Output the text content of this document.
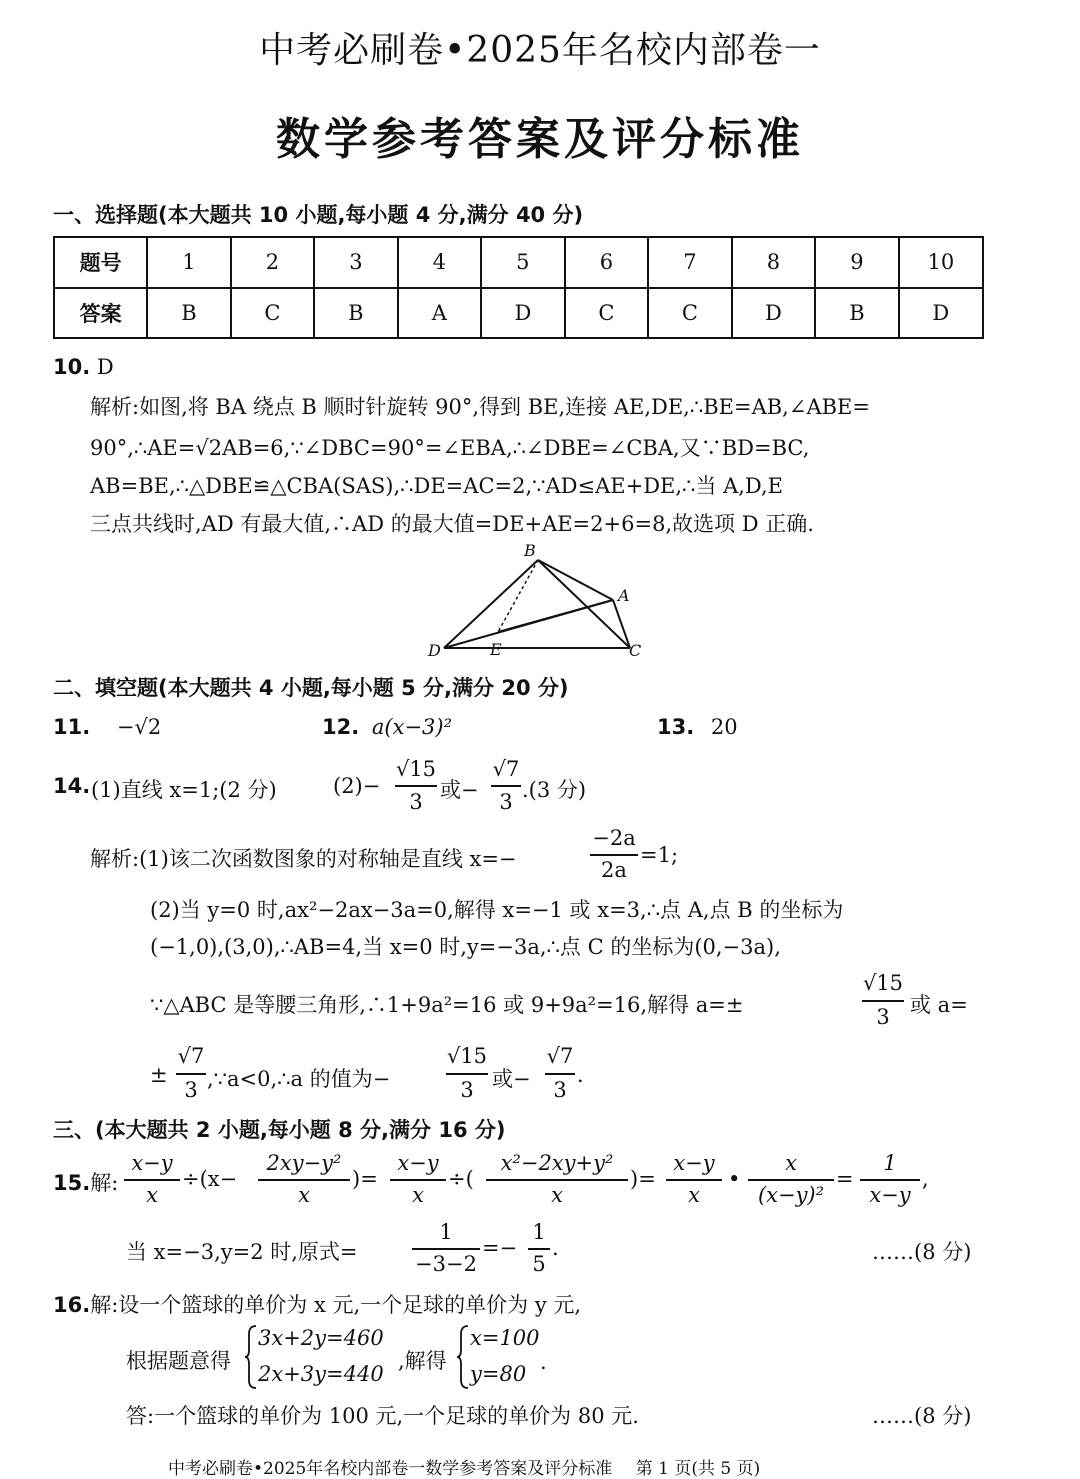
中考必刷卷•2025年名校内部卷一
数学参考答案及评分标准
一、选择题(本大题共 10 小题,每小题 4 分,满分 40 分)
题号	1	2	3	4	5	6	7	8	9	10
答案	B	C	B	A	D	C	C	D	B	D
10. D
解析:如图,将 BA 绕点 B 顺时针旋转 90°,得到 BE,连接 AE,DE,∴BE=AB,∠ABE=
90°,∴AE=√2AB=6,∵∠DBC=90°=∠EBA,∴∠DBE=∠CBA,又∵BD=BC,
AB=BE,∴△DBE≌△CBA(SAS),∴DE=AC=2,∵AD≤AE+DE,∴当 A,D,E
三点共线时,AD 有最大值,∴AD 的最大值=DE+AE=2+6=8,故选项 D 正确.
B
A
D	E	C
二、填空题(本大题共 4 小题,每小题 5 分,满分 20 分)
11. −√2	12. a(x−3)²	13. 20
14. (1)直线 x=1;(2 分)	(2)−
√15
3 或−
√7
3 .(3 分)
解析:(1)该二次函数图象的对称轴是直线 x=−
−2a
2a
=1;
(2)当 y=0 时,ax²−2ax−3a=0,解得 x=−1 或 x=3,∴点 A,点 B 的坐标为
(−1,0),(3,0),∴AB=4,当 x=0 时,y=−3a,∴点 C 的坐标为(0,−3a),
∵△ABC 是等腰三角形,∴1+9a²=16 或 9+9a²=16,解得 a=±
√15
3 或 a=
±
√7
3 ,∵a<0,∴a 的值为−
√15
3 或−
√7
3
.
三、(本大题共 2 小题,每小题 8 分,满分 16 分)
15.解:
x−y
x
÷(x−
2xy−y²
x
)=
x−y
x
÷(
x²−2xy+y²
x
)=
x−y
x
•
x
(x−y)²
=
1
x−y
,
当 x=−3,y=2 时,原式=
1
−3−2
=−
1
5
.	……(8 分)
16.解:设一个篮球的单价为 x 元,一个足球的单价为 y 元,
根据题意得
3x+2y=460
2x+3y=440
,解得
x=100
y=80 .
答:一个篮球的单价为 100 元,一个足球的单价为 80 元.	……(8 分)
中考必刷卷•2025年名校内部卷一数学参考答案及评分标准 第 1 页(共 5 页)
